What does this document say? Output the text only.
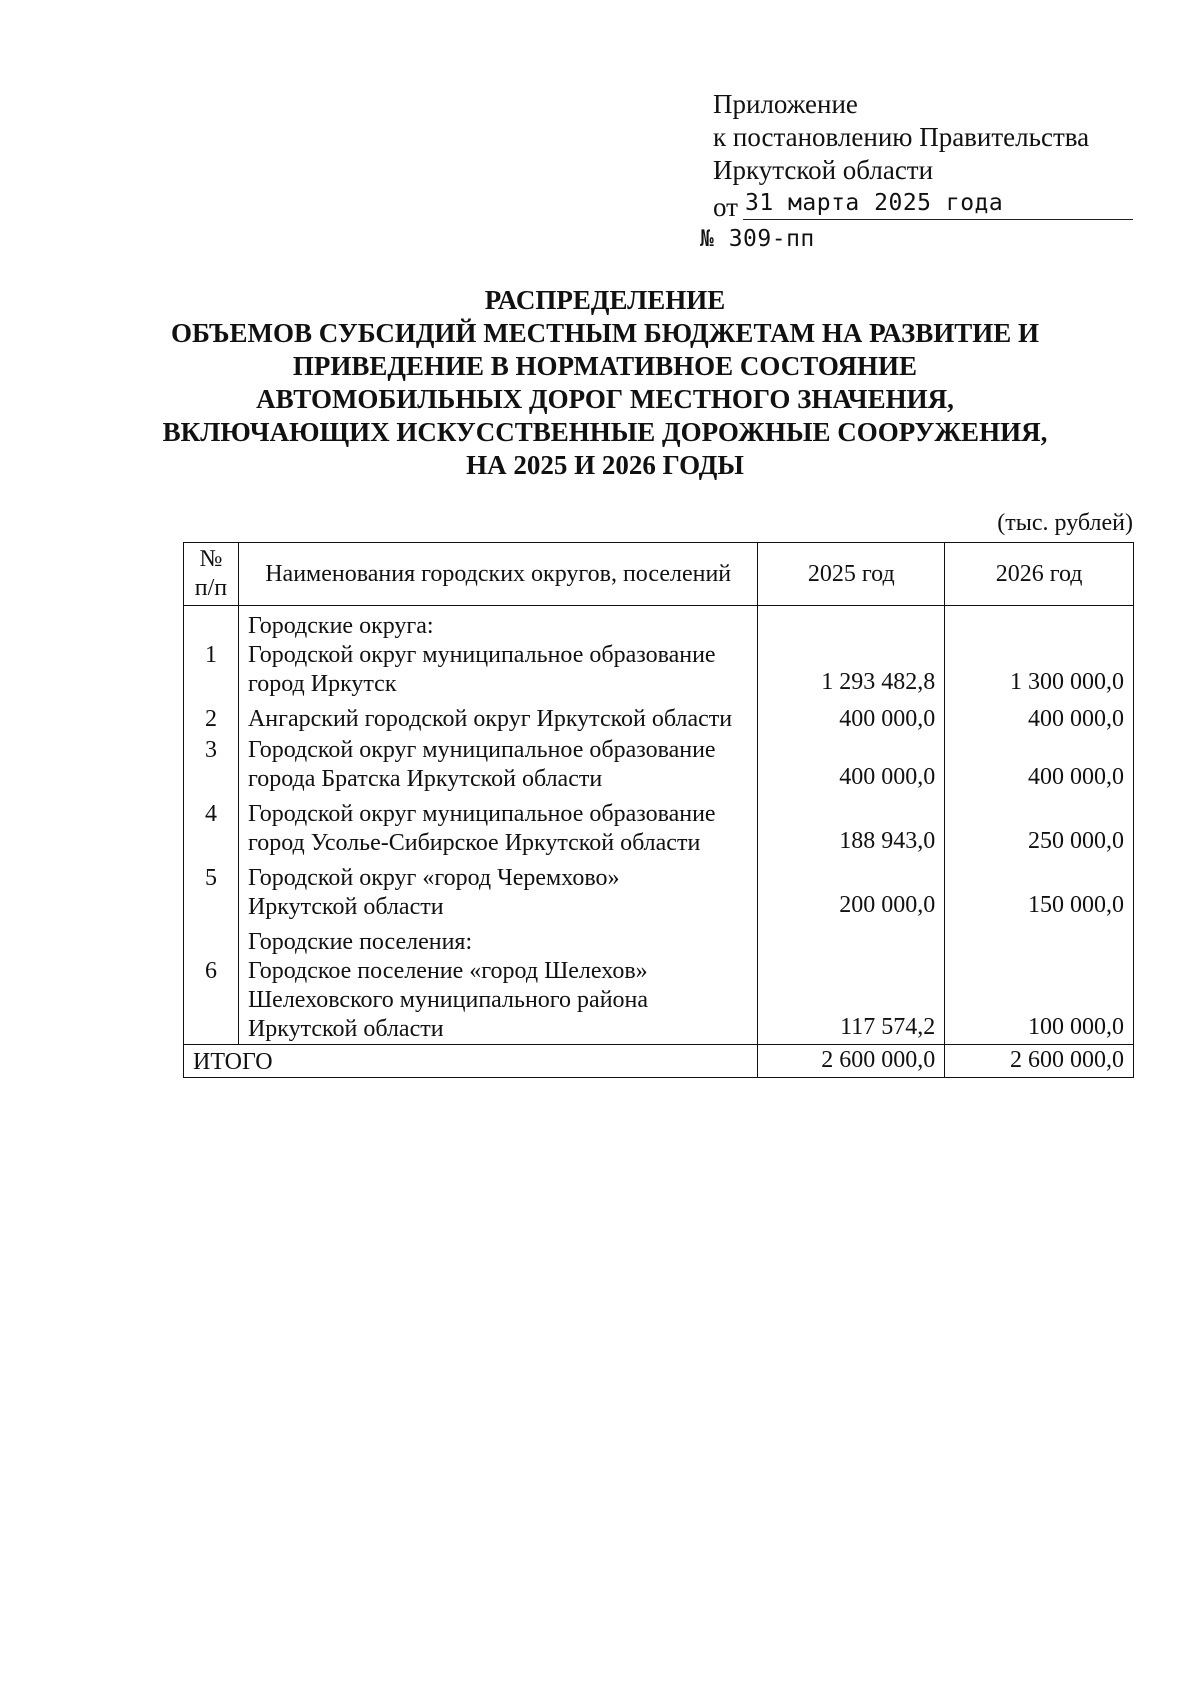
Приложение
к постановлению Правительства
Иркутской области
от 31 марта 2025 года
№ 309-пп
РАСПРЕДЕЛЕНИЕ
ОБЪЕМОВ СУБСИДИЙ МЕСТНЫМ БЮДЖЕТАМ НА РАЗВИТИЕ И
ПРИВЕДЕНИЕ В НОРМАТИВНОЕ СОСТОЯНИЕ
АВТОМОБИЛЬНЫХ ДОРОГ МЕСТНОГО ЗНАЧЕНИЯ,
ВКЛЮЧАЮЩИХ ИСКУССТВЕННЫЕ ДОРОЖНЫЕ СООРУЖЕНИЯ,
НА 2025 И 2026 ГОДЫ
(тыс. рублей)
№
п/п	Наименования городских округов, поселений	2025 год	2026 год

1	Городские округа:
Городской округ муниципальное образование
город Иркутск	1 293 482,8	1 300 000,0
2	Ангарский городской округ Иркутской области	400 000,0	400 000,0
3	Городской округ муниципальное образование
города Братска Иркутской области	400 000,0	400 000,0
4	Городской округ муниципальное образование
город Усолье-Сибирское Иркутской области	188 943,0	250 000,0
5	Городской округ «город Черемхово»
Иркутской области	200 000,0	150 000,0

6	Городские поселения:
Городское поселение «город Шелехов»
Шелеховского муниципального района
Иркутской области	117 574,2	100 000,0
ИТОГО		2 600 000,0	2 600 000,0
